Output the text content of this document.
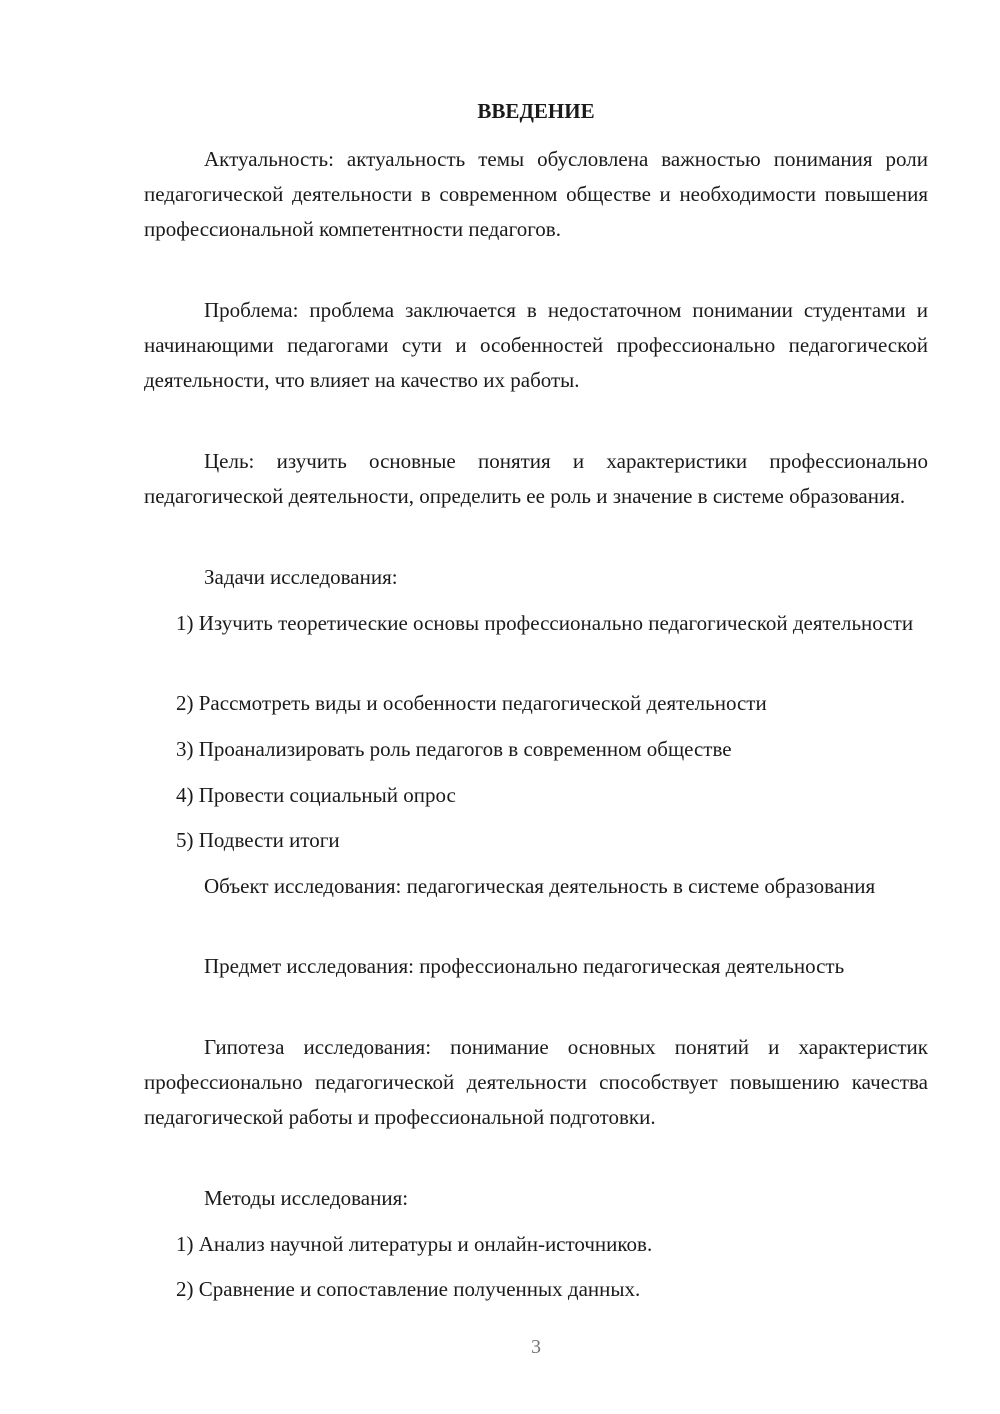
ВВЕДЕНИЕ
Актуальность: актуальность темы обусловлена важностью понимания роли педагогической деятельности в современном обществе и необходимости повышения профессиональной компетентности педагогов.
Проблема: проблема заключается в недостаточном понимании студентами и начинающими педагогами сути и особенностей профессионально педагогической деятельности, что влияет на качество их работы.
Цель: изучить основные понятия и характеристики профессионально педагогической деятельности, определить ее роль и значение в системе образования.
Задачи исследования:
1) Изучить теоретические основы профессионально педагогической деятельности
2) Рассмотреть виды и особенности педагогической деятельности
3) Проанализировать роль педагогов в современном обществе
4) Провести социальный опрос
5) Подвести итоги
Объект исследования: педагогическая деятельность в системе образования
Предмет исследования: профессионально педагогическая деятельность
Гипотеза исследования: понимание основных понятий и характеристик профессионально педагогической деятельности способствует повышению качества педагогической работы и профессиональной подготовки.
Методы исследования:
1) Анализ научной литературы и онлайн-источников.
2) Сравнение и сопоставление полученных данных.
3
